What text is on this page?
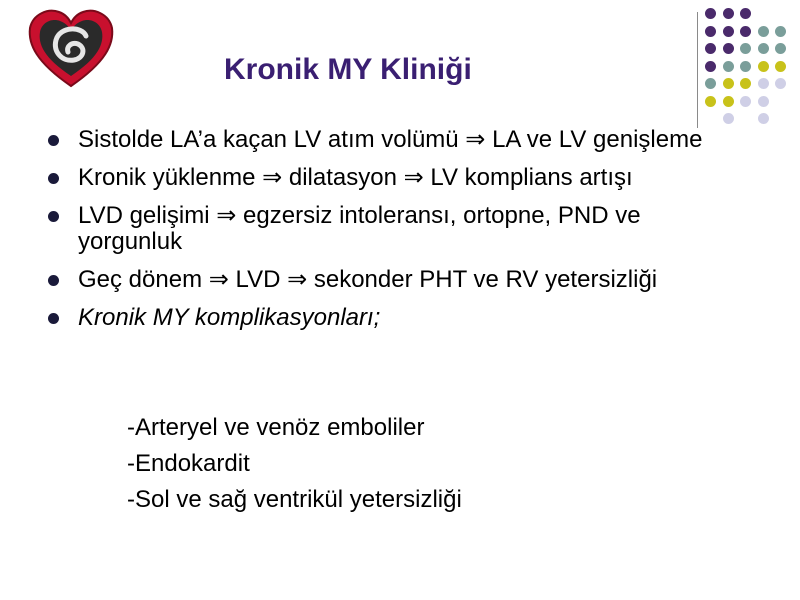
Kronik MY Kliniği
Sistolde LA’a kaçan LV atım volümü ⇒ LA ve LV genişleme
Kronik yüklenme ⇒ dilatasyon ⇒ LV komplians artışı
LVD gelişimi ⇒ egzersiz intoleransı, ortopne, PND ve yorgunluk
Geç dönem ⇒ LVD ⇒ sekonder PHT ve RV yetersizliği
Kronik MY komplikasyonları;
-Arteryel ve venöz emboliler
-Endokardit
-Sol ve sağ ventrikül yetersizliği
